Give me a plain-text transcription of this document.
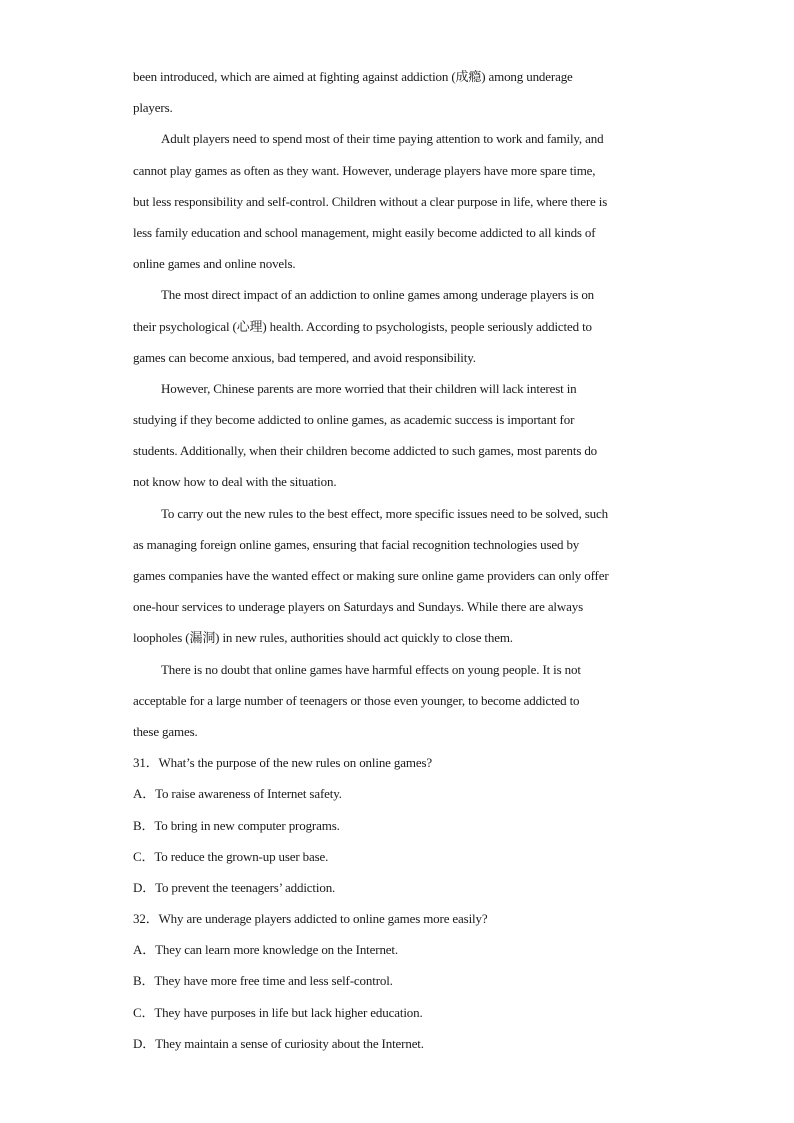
been introduced, which are aimed at fighting against addiction (成瘾) among underage
players.
Adult players need to spend most of their time paying attention to work and family, and
cannot play games as often as they want. However, underage players have more spare time,
but less responsibility and self-control. Children without a clear purpose in life, where there is
less family education and school management, might easily become addicted to all kinds of
online games and online novels.
The most direct impact of an addiction to online games among underage players is on
their psychological (心理) health. According to psychologists, people seriously addicted to
games can become anxious, bad tempered, and avoid responsibility.
However, Chinese parents are more worried that their children will lack interest in
studying if they become addicted to online games, as academic success is important for
students. Additionally, when their children become addicted to such games, most parents do
not know how to deal with the situation.
To carry out the new rules to the best effect, more specific issues need to be solved, such
as managing foreign online games, ensuring that facial recognition technologies used by
games companies have the wanted effect or making sure online game providers can only offer
one-hour services to underage players on Saturdays and Sundays. While there are always
loopholes (漏洞) in new rules, authorities should act quickly to close them.
There is no doubt that online games have harmful effects on young people. It is not
acceptable for a large number of teenagers or those even younger, to become addicted to
these games.
31．What’s the purpose of the new rules on online games?
A．To raise awareness of Internet safety.
B．To bring in new computer programs.
C．To reduce the grown-up user base.
D．To prevent the teenagers’ addiction.
32．Why are underage players addicted to online games more easily?
A．They can learn more knowledge on the Internet.
B．They have more free time and less self-control.
C．They have purposes in life but lack higher education.
D．They maintain a sense of curiosity about the Internet.
